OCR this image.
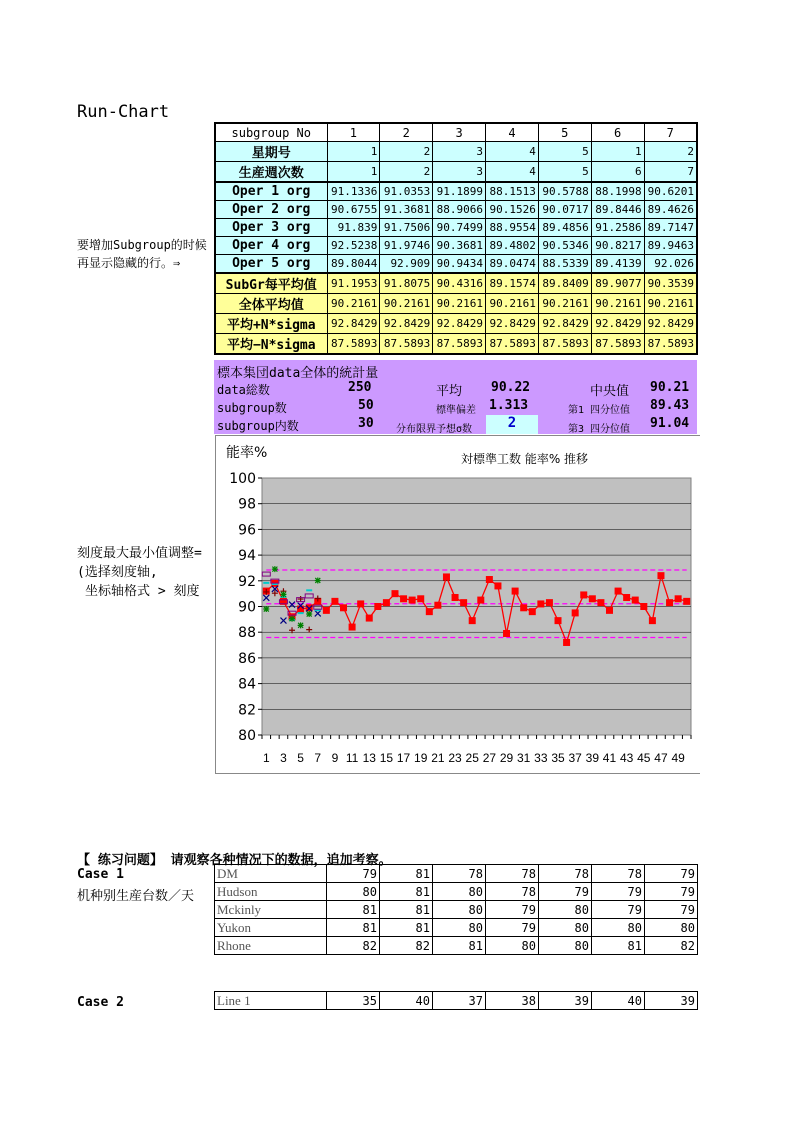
Run-Chart
要增加Subgroup的时候
再显示隐藏的行。⇒
刻度最大最小值调整=
(选择刻度轴,
坐标轴格式 > 刻度
subgroup No	1	2	3	4	5	6	7
星期号	1	2	3	4	5	1	2
生産週次数	1	2	3	4	5	6	7
Oper 1 org	91.1336	91.0353	91.1899	88.1513	90.5788	88.1998	90.6201
Oper 2 org	90.6755	91.3681	88.9066	90.1526	90.0717	89.8446	89.4626
Oper 3 org	91.839	91.7506	90.7499	88.9554	89.4856	91.2586	89.7147
Oper 4 org	92.5238	91.9746	90.3681	89.4802	90.5346	90.8217	89.9463
Oper 5 org	89.8044	92.909	90.9434	89.0474	88.5339	89.4139	92.026
SubGr每平均值	91.1953	91.8075	90.4316	89.1574	89.8409	89.9077	90.3539
全体平均值	90.2161	90.2161	90.2161	90.2161	90.2161	90.2161	90.2161
平均+N*sigma	92.8429	92.8429	92.8429	92.8429	92.8429	92.8429	92.8429
平均−N*sigma	87.5893	87.5893	87.5893	87.5893	87.5893	87.5893	87.5893
標本集団data全体的統計量
data総数	250
subgroup数	50
subgroup内数	30
平均 90.22
標準偏差 1.313
分布限界予想σ数	2
中央值 90.21
第1 四分位值 89.43
第3 四分位值 91.04
能率%	対標準工数 能率% 推移
80
82
84
86
88
90
92
94
96
98
100
1 3 5 7 9 11 13 15 17 19 21 23 25 27 29 31 33 35 37 39 41 43 45 47 49
【 练习问题】 请观察各种情况下的数据，追加考察。
Case 1
机种别生産台数／天
DM	79	81	78	78	78	78	79
Hudson	80	81	80	78	79	79	79
Mckinly	81	81	80	79	80	79	79
Yukon	81	81	80	79	80	80	80
Rhone	82	82	81	80	80	81	82
Case 2	Line 1	35	40	37	38	39	40	39
